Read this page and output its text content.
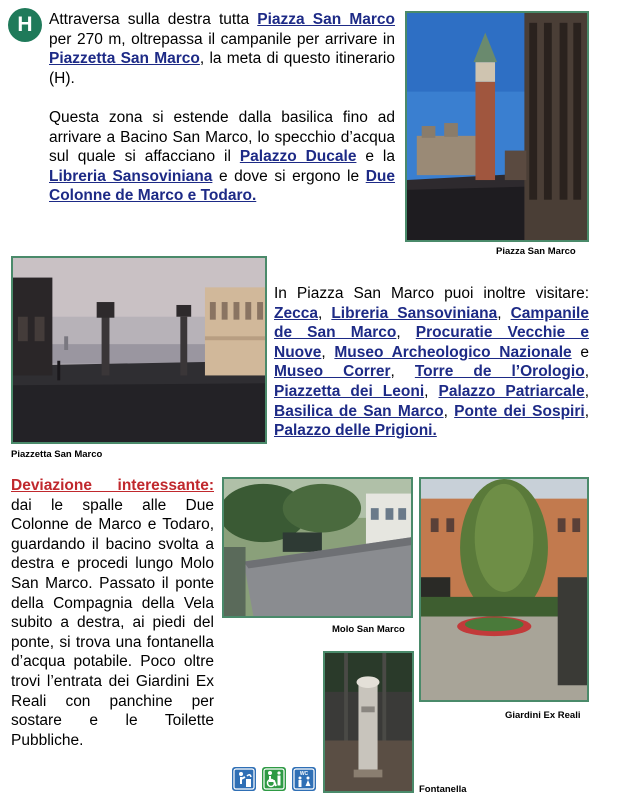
H	Attraversa sulla destra tutta Piazza San Marco per 270 m, oltrepassa il campanile per arrivare in Piazzetta San Marco, la meta di questo itinerario (H).

Questa zona si estende dalla basilica fino ad arrivare a Bacino San Marco, lo specchio d’acqua sul quale si affacciano il Palazzo Ducale e la Libreria Sansoviniana e dove si ergono le Due Colonne de Marco e Todaro.

Piazza San Marco
Piazzetta San Marco
In Piazza San Marco puoi inoltre visitare: Zecca, Libreria Sansoviniana, Campanile de San Marco, Procuratie Vecchie e Nuove, Museo Archeologico Nazionale e Museo Correr, Torre de l’Orologio, Piazzetta dei Leoni, Palazzo Patriarcale, Basilica de San Marco, Ponte dei Sospiri, Palazzo delle Prigioni.
Deviazione interessante: dai le spalle alle Due Colonne de Marco e Todaro, guardando il bacino svolta a destra e procedi lungo Molo San Marco. Passato il ponte della Compagnia della Vela subito a destra, ai piedi del ponte, si trova una fontanella d’acqua potabile. Poco oltre trovi l’entrata dei Giardini Ex Reali con panchine per sostare e le Toilette Pubbliche.
Molo San Marco
Giardini Ex Reali
Fontanella
WC
